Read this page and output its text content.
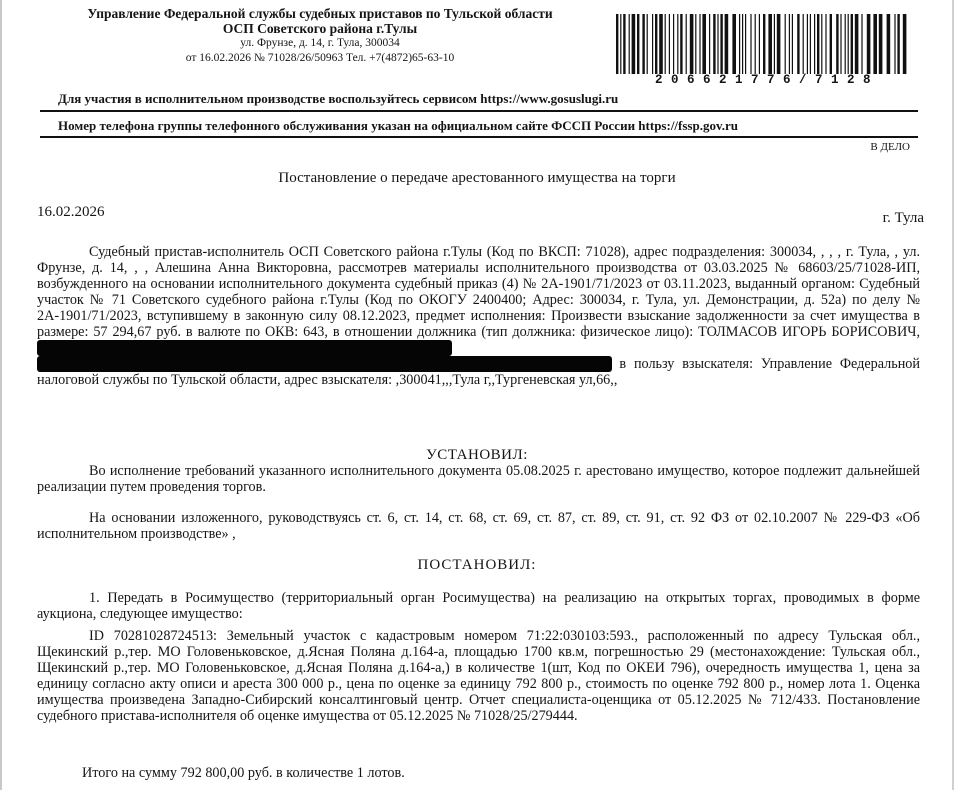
Управление Федеральной службы судебных приставов по Тульской области
ОСП Советского района г.Тулы
ул. Фрунзе, д. 14, г. Тула, 300034
от 16.02.2026 № 71028/26/50963 Тел. +7(4872)65-63-10
2 0 6 6 2 1 7 7 6 / 7 1 2 8
Для участия в исполнительном производстве воспользуйтесь сервисом https://www.gosuslugi.ru
Номер телефона группы телефонного обслуживания указан на официальном сайте ФССП России https://fssp.gov.ru
В ДЕЛО
Постановление о передаче арестованного имущества на торги
16.02.2026	г. Тула
Судебный пристав-исполнитель ОСП Советского района г.Тулы (Код по ВКСП: 71028), адрес подразделения: 300034, , , , г. Тула, , ул. Фрунзе, д. 14, , , Алешина Анна Викторовна, рассмотрев материалы исполнительного производства от 03.03.2025 № 68603/25/71028-ИП, возбужденного на основании исполнительного документа судебный приказ (4) № 2А-1901/71/2023 от 03.11.2023, выданный органом: Судебный участок № 71 Советского судебного района г.Тулы (Код по ОКОГУ 2400400; Адрес: 300034, г. Тула, ул. Демонстрации, д. 52а) по делу № 2А-1901/71/2023, вступившему в законную силу 08.12.2023, предмет исполнения: Произвести взыскание задолженности за счет имущества в размере: 57 294,67 руб. в валюте по ОКВ: 643, в отношении должника (тип должника: физическое лицо): ТОЛМАСОВ ИГОРЬ БОРИСОВИЧ,  xxxxxxxxxxxxxxxxxxxxxxxxxxxxxxxxxxxxxxxxxxxxxxxxxxxxxxxxxx
xxxxxxxxxxxxxxxxxxxxxxxxxxxxxxxxxxxxxxxxxxxxxxxxxxxxxxxxxxxxxxxxxxxxxxxxxxxxxxxxx в пользу взыскателя: Управление Федеральной налоговой службы по Тульской области, адрес взыскателя: ,300041,,,Тула г,,Тургеневская ул,66,,
УСТАНОВИЛ:
Во исполнение требований указанного исполнительного документа 05.08.2025 г. арестовано имущество, которое подлежит дальнейшей реализации путем проведения торгов.
На основании изложенного, руководствуясь ст. 6, ст. 14, ст. 68, ст. 69, ст. 87, ст. 89, ст. 91, ст. 92 ФЗ от 02.10.2007 № 229-ФЗ «Об исполнительном производстве» ,
ПОСТАНОВИЛ:
1. Передать в Росимущество (территориальный орган Росимущества) на реализацию на открытых торгах, проводимых в форме аукциона, следующее имущество:
ID 70281028724513: Земельный участок с кадастровым номером 71:22:030103:593., расположенный по адресу Тульская обл., Щекинский р.,тер. МО Головеньковское, д.Ясная Поляна д.164-а, площадью 1700 кв.м, погрешностью 29 (местонахождение: Тульская обл., Щекинский р.,тер. МО Головеньковское, д.Ясная Поляна д.164-а,) в количестве 1(шт, Код по ОКЕИ 796), очередность имущества 1, цена за единицу согласно акту описи и ареста 300 000 р., цена по оценке за единицу 792 800 р., стоимость по оценке 792 800 р., номер лота 1. Оценка имущества произведена Западно-Сибирский консалтинговый центр. Отчет специалиста-оценщика от 05.12.2025 № 712/433. Постановление судебного пристава-исполнителя об оценке имущества от 05.12.2025 № 71028/25/279444.
Итого на сумму 792 800,00 руб. в количестве 1 лотов.
